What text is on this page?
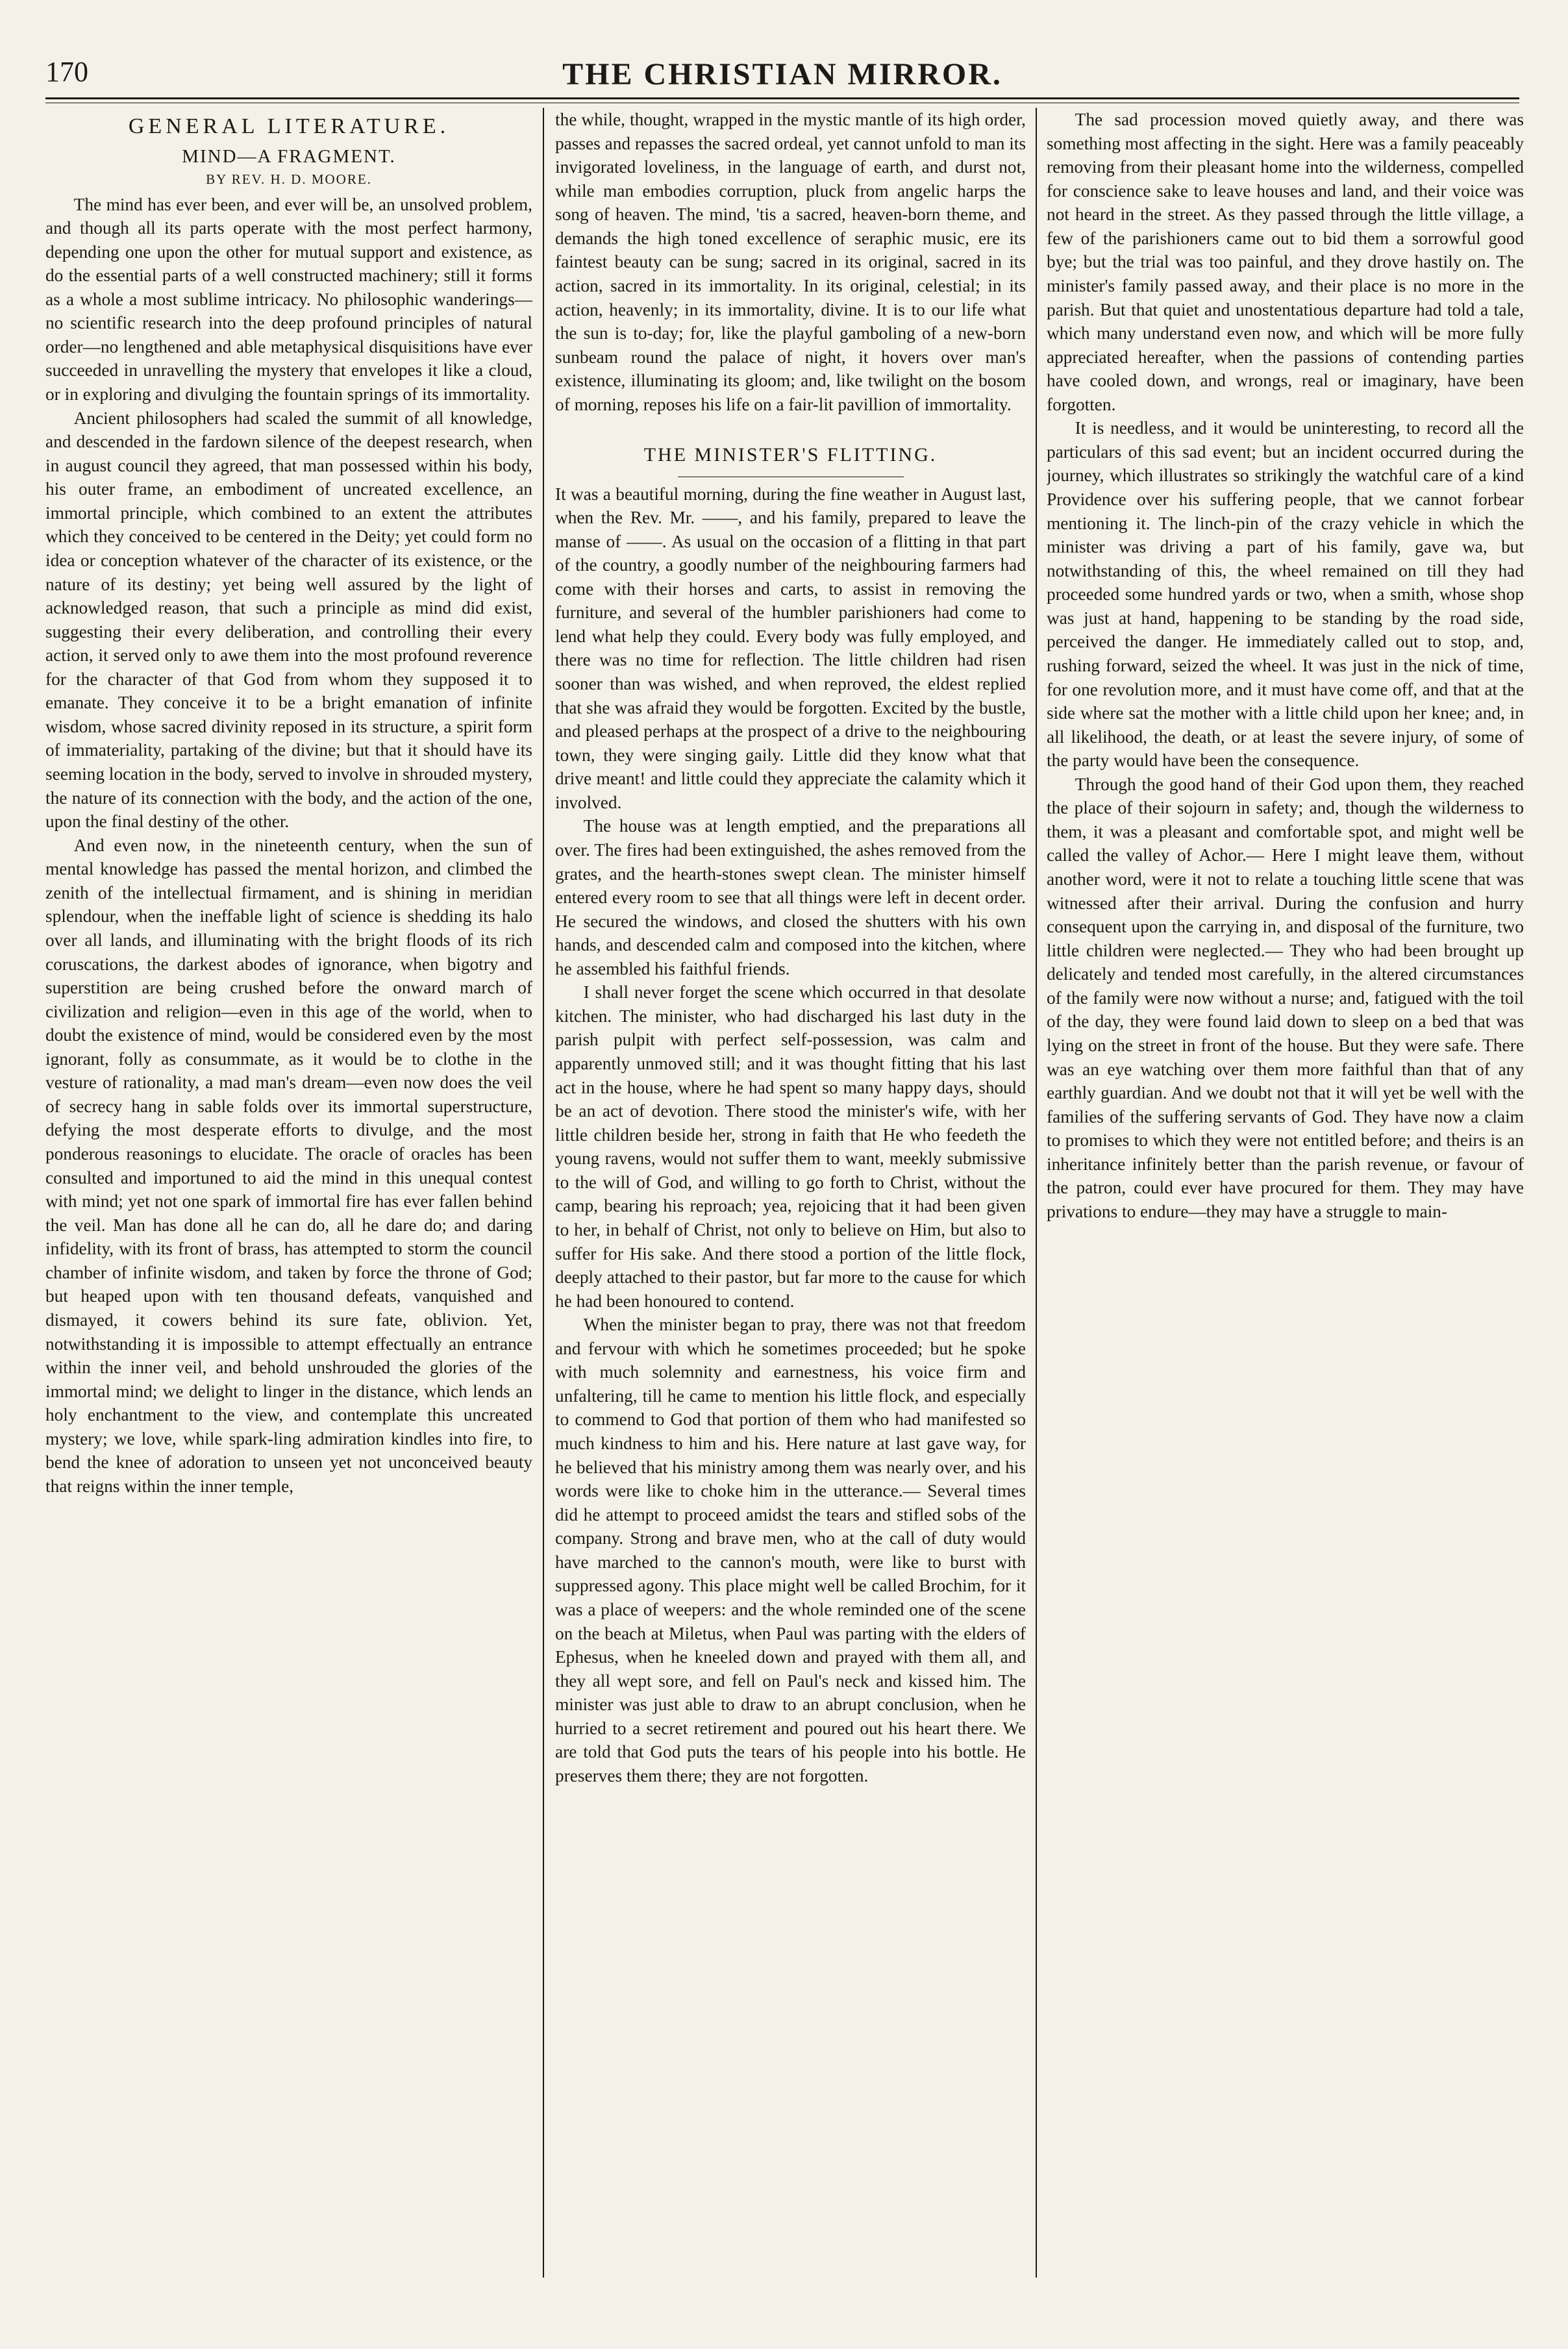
170	THE CHRISTIAN MIRROR.
GENERAL LITERATURE.
MIND—A FRAGMENT.
BY REV. H. D. MOORE.

The mind has ever been, and ever will be, an unsolved problem, and though all its parts operate with the most perfect harmony, depending one upon the other for mutual support and existence, as do the essential parts of a well constructed machinery; still it forms as a whole a most sublime intricacy. No philosophic wanderings—no scientific research into the deep profound principles of natural order—no lengthened and able metaphysical disquisitions have ever succeeded in unravelling the mystery that envelopes it like a cloud, or in exploring and divulging the fountain springs of its immortality.

Ancient philosophers had scaled the summit of all knowledge, and descended in the fardown silence of the deepest research, when in august council they agreed, that man possessed within his body, his outer frame, an embodiment of uncreated excellence, an immortal principle, which combined to an extent the attributes which they conceived to be centered in the Deity; yet could form no idea or conception whatever of the character of its existence, or the nature of its destiny; yet being well assured by the light of acknowledged reason, that such a principle as mind did exist, suggesting their every deliberation, and controlling their every action, it served only to awe them into the most profound reverence for the character of that God from whom they supposed it to emanate. They conceive it to be a bright emanation of infinite wisdom, whose sacred divinity reposed in its structure, a spirit form of immateriality, partaking of the divine; but that it should have its seeming location in the body, served to involve in shrouded mystery, the nature of its connection with the body, and the action of the one, upon the final destiny of the other.

And even now, in the nineteenth century, when the sun of mental knowledge has passed the mental horizon, and climbed the zenith of the intellectual firmament, and is shining in meridian splendour, when the ineffable light of science is shedding its halo over all lands, and illuminating with the bright floods of its rich coruscations, the darkest abodes of ignorance, when bigotry and superstition are being crushed before the onward march of civilization and religion—even in this age of the world, when to doubt the existence of mind, would be considered even by the most ignorant, folly as consummate, as it would be to clothe in the vesture of rationality, a mad man's dream—even now does the veil of secrecy hang in sable folds over its immortal superstructure, defying the most desperate efforts to divulge, and the most ponderous reasonings to elucidate. The oracle of oracles has been consulted and importuned to aid the mind in this unequal contest with mind; yet not one spark of immortal fire has ever fallen behind the veil. Man has done all he can do, all he dare do; and daring infidelity, with its front of brass, has attempted to storm the council chamber of infinite wisdom, and taken by force the throne of God; but heaped upon with ten thousand defeats, vanquished and dismayed, it cowers behind its sure fate, oblivion. Yet, notwithstanding it is impossible to attempt effectually an entrance within the inner veil, and behold unshrouded the glories of the immortal mind; we delight to linger in the distance, which lends an holy enchantment to the view, and contemplate this uncreated mystery; we love, while spark-ling admiration kindles into fire, to bend the knee of adoration to unseen yet not unconceived beauty that reigns within the inner temple,

the while, thought, wrapped in the mystic mantle of its high order, passes and repasses the sacred ordeal, yet cannot unfold to man its invigorated loveliness, in the language of earth, and durst not, while man embodies corruption, pluck from angelic harps the song of heaven. The mind, 'tis a sacred, heaven-born theme, and demands the high toned excellence of seraphic music, ere its faintest beauty can be sung; sacred in its original, sacred in its action, sacred in its immortality. In its original, celestial; in its action, heavenly; in its immortality, divine. It is to our life what the sun is to-day; for, like the playful gamboling of a new-born sunbeam round the palace of night, it hovers over man's existence, illuminating its gloom; and, like twilight on the bosom of morning, reposes his life on a fair-lit pavillion of immortality.

THE MINISTER'S FLITTING.

It was a beautiful morning, during the fine weather in August last, when the Rev. Mr. ——, and his family, prepared to leave the manse of ——. As usual on the occasion of a flitting in that part of the country, a goodly number of the neighbouring farmers had come with their horses and carts, to assist in removing the furniture, and several of the humbler parishioners had come to lend what help they could. Every body was fully employed, and there was no time for reflection. The little children had risen sooner than was wished, and when reproved, the eldest replied that she was afraid they would be forgotten. Excited by the bustle, and pleased perhaps at the prospect of a drive to the neighbouring town, they were singing gaily. Little did they know what that drive meant! and little could they appreciate the calamity which it involved.

The house was at length emptied, and the preparations all over. The fires had been extinguished, the ashes removed from the grates, and the hearth-stones swept clean. The minister himself entered every room to see that all things were left in decent order. He secured the windows, and closed the shutters with his own hands, and descended calm and composed into the kitchen, where he assembled his faithful friends.

I shall never forget the scene which occurred in that desolate kitchen. The minister, who had discharged his last duty in the parish pulpit with perfect self-possession, was calm and apparently unmoved still; and it was thought fitting that his last act in the house, where he had spent so many happy days, should be an act of devotion. There stood the minister's wife, with her little children beside her, strong in faith that He who feedeth the young ravens, would not suffer them to want, meekly submissive to the will of God, and willing to go forth to Christ, without the camp, bearing his reproach; yea, rejoicing that it had been given to her, in behalf of Christ, not only to believe on Him, but also to suffer for His sake. And there stood a portion of the little flock, deeply attached to their pastor, but far more to the cause for which he had been honoured to contend.

When the minister began to pray, there was not that freedom and fervour with which he sometimes proceeded; but he spoke with much solemnity and earnestness, his voice firm and unfaltering, till he came to mention his little flock, and especially to commend to God that portion of them who had manifested so much kindness to him and his. Here nature at last gave way, for he believed that his ministry among them was nearly over, and his words were like to choke him in the utterance.— Several times did he attempt to proceed amidst the tears and stifled sobs of the company. Strong and brave men, who at the call of duty would have marched to the cannon's mouth, were like to burst with suppressed agony. This place might well be called Brochim, for it was a place of weepers: and the whole reminded one of the scene on the beach at Miletus, when Paul was parting with the elders of Ephesus, when he kneeled down and prayed with them all, and they all wept sore, and fell on Paul's neck and kissed him. The minister was just able to draw to an abrupt conclusion, when he hurried to a secret retirement and poured out his heart there. We are told that God puts the tears of his people into his bottle. He preserves them there; they are not forgotten.

The sad procession moved quietly away, and there was something most affecting in the sight. Here was a family peaceably removing from their pleasant home into the wilderness, compelled for conscience sake to leave houses and land, and their voice was not heard in the street. As they passed through the little village, a few of the parishioners came out to bid them a sorrowful good bye; but the trial was too painful, and they drove hastily on. The minister's family passed away, and their place is no more in the parish. But that quiet and unostentatious departure had told a tale, which many understand even now, and which will be more fully appreciated hereafter, when the passions of contending parties have cooled down, and wrongs, real or imaginary, have been forgotten.

It is needless, and it would be uninteresting, to record all the particulars of this sad event; but an incident occurred during the journey, which illustrates so strikingly the watchful care of a kind Providence over his suffering people, that we cannot forbear mentioning it. The linch-pin of the crazy vehicle in which the minister was driving a part of his family, gave wa, but notwithstanding of this, the wheel remained on till they had proceeded some hundred yards or two, when a smith, whose shop was just at hand, happening to be standing by the road side, perceived the danger. He immediately called out to stop, and, rushing forward, seized the wheel. It was just in the nick of time, for one revolution more, and it must have come off, and that at the side where sat the mother with a little child upon her knee; and, in all likelihood, the death, or at least the severe injury, of some of the party would have been the consequence.

Through the good hand of their God upon them, they reached the place of their sojourn in safety; and, though the wilderness to them, it was a pleasant and comfortable spot, and might well be called the valley of Achor.— Here I might leave them, without another word, were it not to relate a touching little scene that was witnessed after their arrival. During the confusion and hurry consequent upon the carrying in, and disposal of the furniture, two little children were neglected.— They who had been brought up delicately and tended most carefully, in the altered circumstances of the family were now without a nurse; and, fatigued with the toil of the day, they were found laid down to sleep on a bed that was lying on the street in front of the house. But they were safe. There was an eye watching over them more faithful than that of any earthly guardian. And we doubt not that it will yet be well with the families of the suffering servants of God. They have now a claim to promises to which they were not entitled before; and theirs is an inheritance infinitely better than the parish revenue, or favour of the patron, could ever have procured for them. They may have privations to endure—they may have a struggle to main-
